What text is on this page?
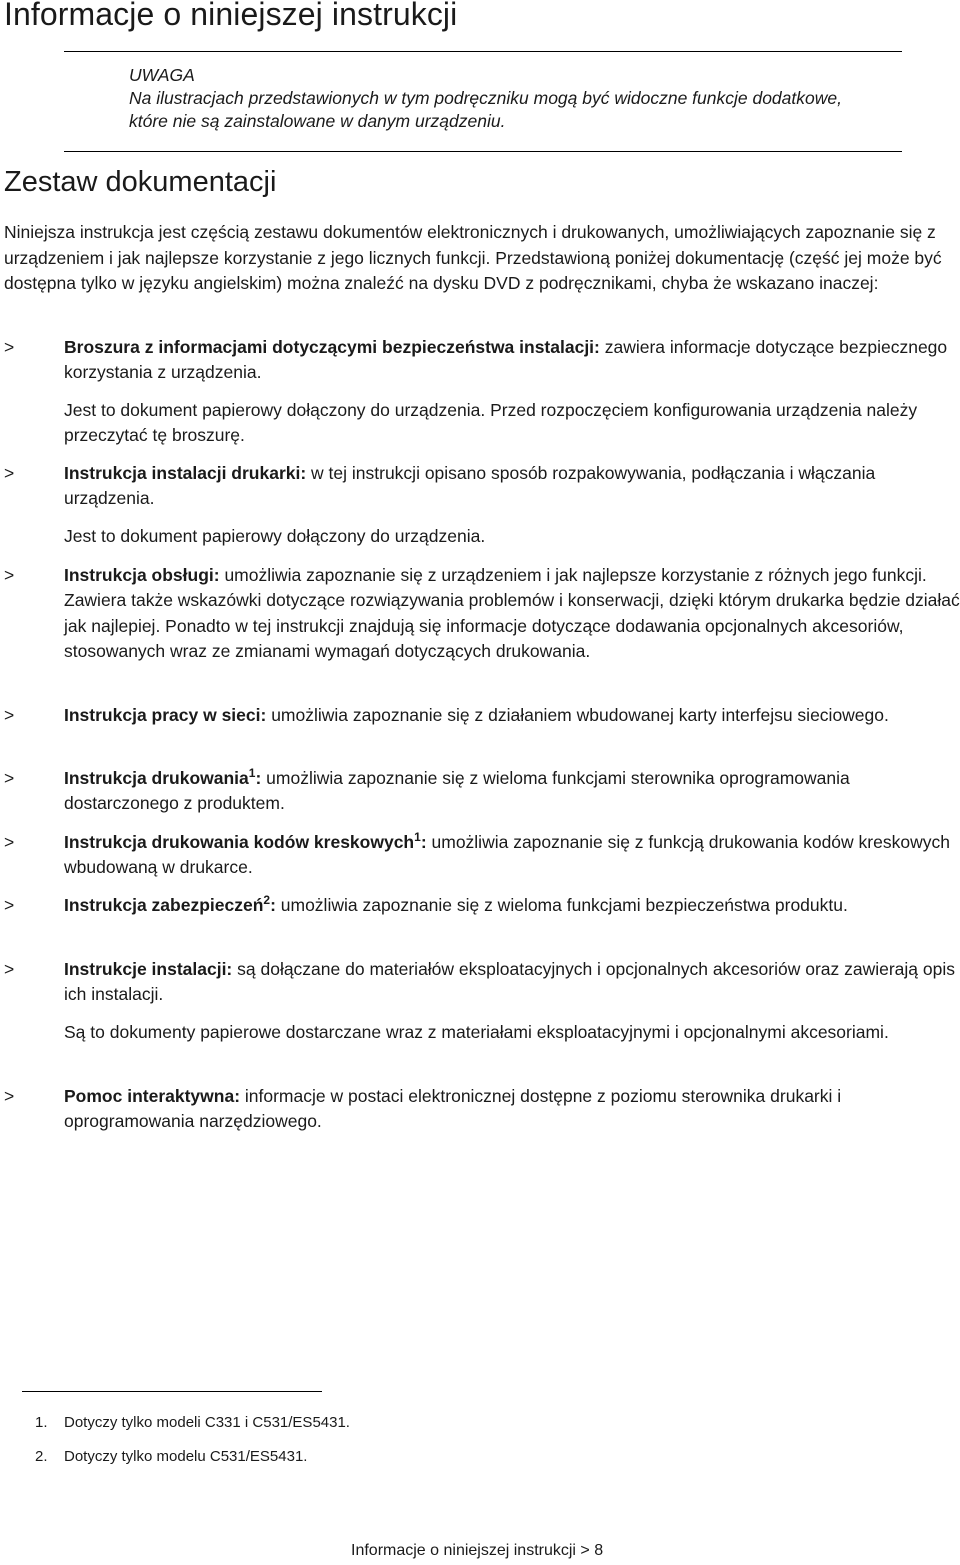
Informacje o niniejszej instrukcji
UWAGA
Na ilustracjach przedstawionych w tym podręczniku mogą być widoczne funkcje dodatkowe, które nie są zainstalowane w danym urządzeniu.
Zestaw dokumentacji

Niniejsza instrukcja jest częścią zestawu dokumentów elektronicznych i drukowanych, umożliwiających zapoznanie się z urządzeniem i jak najlepsze korzystanie z jego licznych funkcji. Przedstawioną poniżej dokumentację (część jej może być dostępna tylko w języku angielskim) można znaleźć na dysku DVD z podręcznikami, chyba że wskazano inaczej:

>	Broszura z informacjami dotyczącymi bezpieczeństwa instalacji: zawiera informacje dotyczące bezpiecznego korzystania z urządzenia.

Jest to dokument papierowy dołączony do urządzenia. Przed rozpoczęciem konfigurowania urządzenia należy przeczytać tę broszurę.

>	Instrukcja instalacji drukarki: w tej instrukcji opisano sposób rozpakowywania, podłączania i włączania urządzenia.

Jest to dokument papierowy dołączony do urządzenia.

>	Instrukcja obsługi: umożliwia zapoznanie się z urządzeniem i jak najlepsze korzystanie z różnych jego funkcji. Zawiera także wskazówki dotyczące rozwiązywania problemów i konserwacji, dzięki którym drukarka będzie działać jak najlepiej. Ponadto w tej instrukcji znajdują się informacje dotyczące dodawania opcjonalnych akcesoriów, stosowanych wraz ze zmianami wymagań dotyczących drukowania.

>	Instrukcja pracy w sieci: umożliwia zapoznanie się z działaniem wbudowanej karty interfejsu sieciowego.

>	Instrukcja drukowania$^1$: umożliwia zapoznanie się z wieloma funkcjami sterownika oprogramowania dostarczonego z produktem.

>	Instrukcja drukowania kodów kreskowych$^1$: umożliwia zapoznanie się z funkcją drukowania kodów kreskowych wbudowaną w drukarce.

>	Instrukcja zabezpieczeń$^2$: umożliwia zapoznanie się z wieloma funkcjami bezpieczeństwa produktu.

>	Instrukcje instalacji: są dołączane do materiałów eksploatacyjnych i opcjonalnych akcesoriów oraz zawierają opis ich instalacji.

Są to dokumenty papierowe dostarczane wraz z materiałami eksploatacyjnymi i opcjonalnymi akcesoriami.

>	Pomoc interaktywna: informacje w postaci elektronicznej dostępne z poziomu sterownika drukarki i oprogramowania narzędziowego.

1. Dotyczy tylko modeli C331 i C531/ES5431.
2. Dotyczy tylko modelu C531/ES5431.
Informacje o niniejszej instrukcji > 8
